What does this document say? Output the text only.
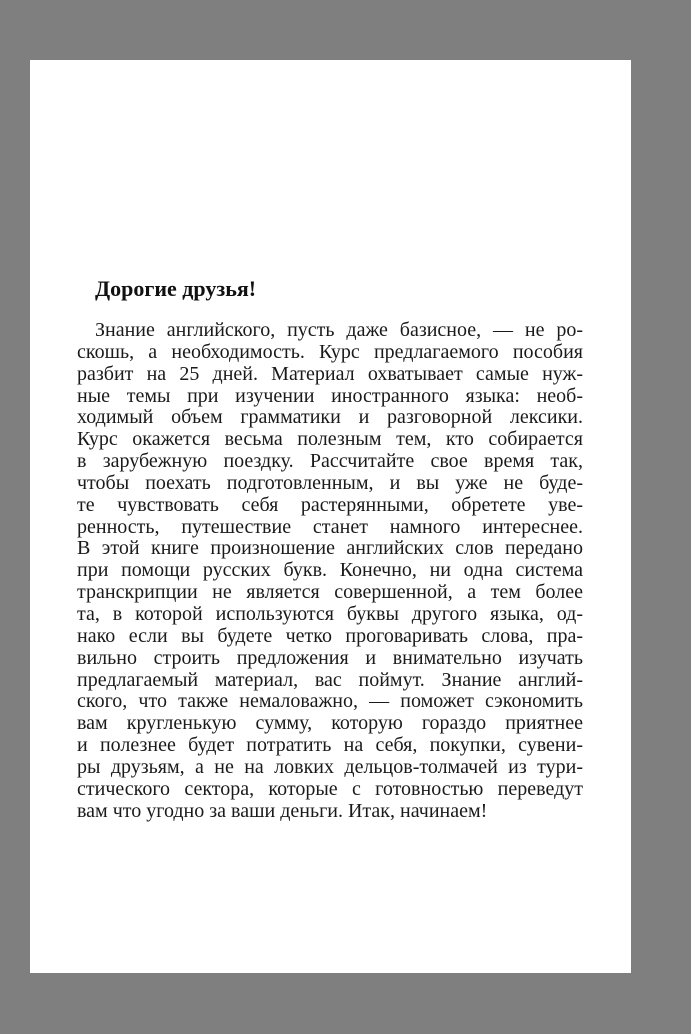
Дорогие друзья!
Знание английского, пусть даже базисное, — не ро-
скошь, а необходимость. Курс предлагаемого пособия
разбит на 25 дней. Материал охватывает самые нуж-
ные темы при изучении иностранного языка: необ-
ходимый объем грамматики и разговорной лексики.
Курс окажется весьма полезным тем, кто собирается
в зарубежную поездку. Рассчитайте свое время так,
чтобы поехать подготовленным, и вы уже не буде-
те чувствовать себя растерянными, обретете уве-
ренность, путешествие станет намного интереснее.
В этой книге произношение английских слов передано
при помощи русских букв. Конечно, ни одна система
транскрипции не является совершенной, а тем более
та, в которой используются буквы другого языка, од-
нако если вы будете четко проговаривать слова, пра-
вильно строить предложения и внимательно изучать
предлагаемый материал, вас поймут. Знание англий-
ского, что также немаловажно, — поможет сэкономить
вам кругленькую сумму, которую гораздо приятнее
и полезнее будет потратить на себя, покупки, сувени-
ры друзьям, а не на ловких дельцов-толмачей из тури-
стического сектора, которые с готовностью переведут
вам что угодно за ваши деньги. Итак, начинаем!
